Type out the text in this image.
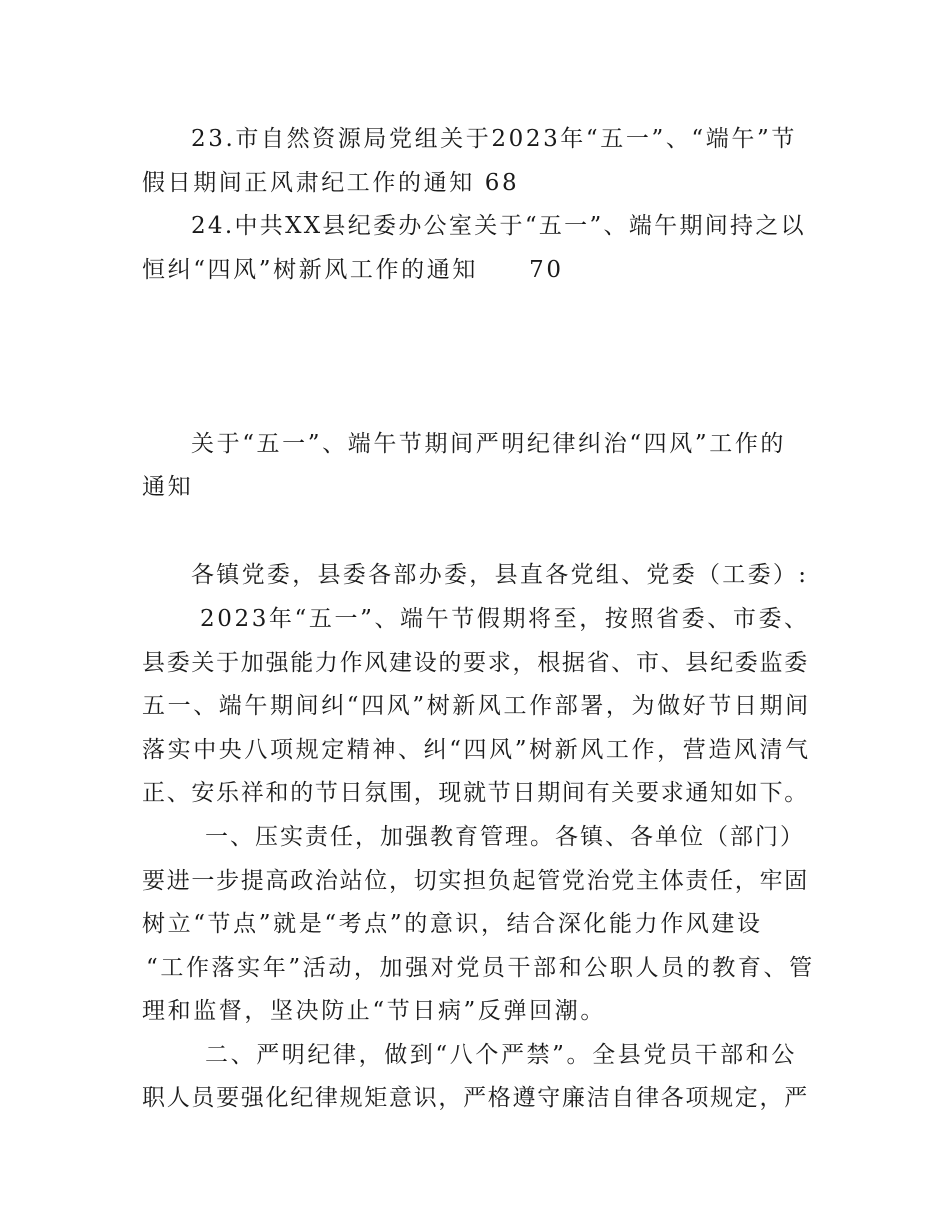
23.市自然资源局党组关于2023年“五一”、“端午”节
假日期间正风肃纪工作的通知 68
24.中共XX县纪委办公室关于“五一”、端午期间持之以
恒纠“四风”树新风工作的通知　　70
关于“五一”、端午节期间严明纪律纠治“四风”工作的
通知
各镇党委，县委各部办委，县直各党组、党委（工委）:
2023年“五一”、端午节假期将至，按照省委、市委、
县委关于加强能力作风建设的要求，根据省、市、县纪委监委
五一、端午期间纠“四风”树新风工作部署，为做好节日期间
落实中央八项规定精神、纠“四风”树新风工作，营造风清气
正、安乐祥和的节日氛围，现就节日期间有关要求通知如下。
一、压实责任，加强教育管理。各镇、各单位（部门）
要进一步提高政治站位，切实担负起管党治党主体责任，牢固
树立“节点”就是“考点”的意识，结合深化能力作风建设
“工作落实年”活动，加强对党员干部和公职人员的教育、管
理和监督，坚决防止“节日病”反弹回潮。
二、严明纪律，做到“八个严禁”。全县党员干部和公
职人员要强化纪律规矩意识，严格遵守廉洁自律各项规定，严
